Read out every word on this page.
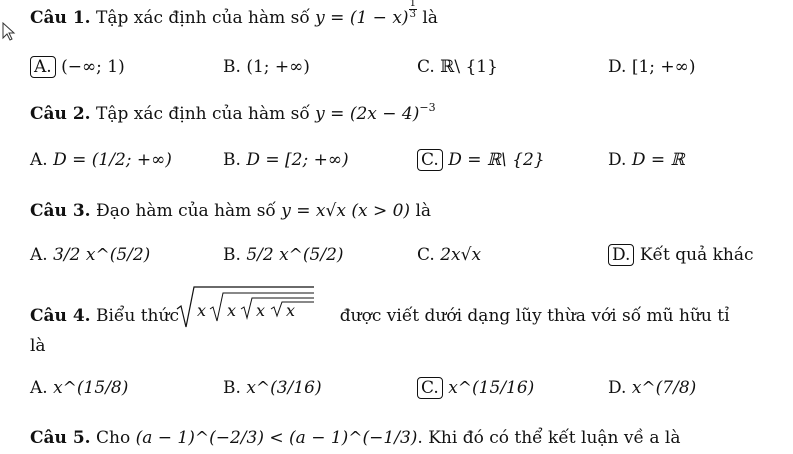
Câu 1. Tập xác định của hàm số $y = (1 - x) \frac{1}{3}$ là
A. (−∞; 1)	B. (1; +∞)	C. ℝ\ {1}	D. [1; +∞)
Câu 2. Tập xác định của hàm số $y = (2x - 4)^{-3}$
A. D = (1/2; +∞)	B. D = [2; +∞)	C. D = ℝ\ {2}	D. D = ℝ
Câu 3. Đạo hàm của hàm số y = x√x (x > 0) là
A. 3/2 x^(5/2)	B. 5/2 x^(5/2)	C. 2x√x	D. Kết quả khác
Câu 4. Biểu thức	được viết dưới dạng lũy thừa với số mũ hữu tỉ
x x x x
là
A. x^(15/8)	B. x^(3/16)	C. x^(15/16)	D. x^(7/8)
Câu 5. Cho (a − 1)^(−2/3) < (a − 1)^(−1/3). Khi đó có thể kết luận về a là
